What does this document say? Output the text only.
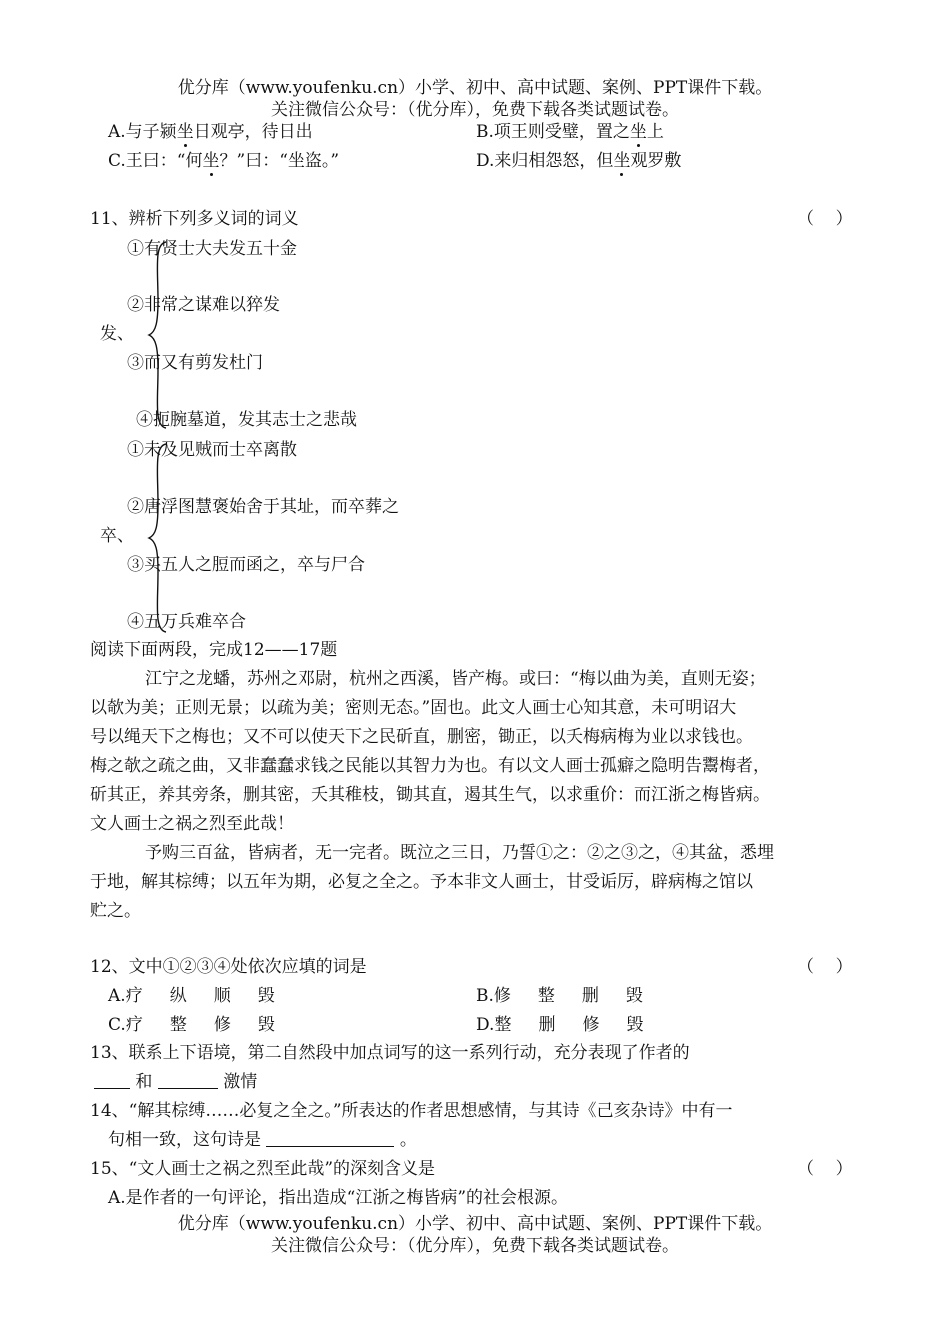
优分库（www.youfenku.cn）小学、初中、高中试题、案例、PPT课件下载。
关注微信公众号：（优分库），免费下载各类试题试卷。
A.与子颍坐日观亭，待日出	B.项王则受璧，置之坐上
C.王曰：“何坐？”曰：“坐盗。”	D.来归相怨怒，但坐观罗敷
11、辨析下列多义词的词义	（    ）
①有贤士大夫发五十金
②非常之谋难以猝发
发、
③而又有剪发杜门
④扼腕墓道，发其志士之悲哉
①未及见贼而士卒离散
②唐浮图慧褒始舍于其址，而卒葬之
卒、
③买五人之脰而函之，卒与尸合
④五万兵难卒合
阅读下面两段，完成12——17题
江宁之龙蟠，苏州之邓尉，杭州之西溪，皆产梅。或曰：“梅以曲为美，直则无姿；
以欹为美；正则无景；以疏为美；密则无态。”固也。此文人画士心知其意，未可明诏大
号以绳天下之梅也；又不可以使天下之民斫直，删密，锄正，以夭梅病梅为业以求钱也。
梅之欹之疏之曲，又非蠢蠢求钱之民能以其智力为也。有以文人画士孤癖之隐明告鬻梅者，
斫其正，养其旁条，删其密，夭其稚枝，锄其直，遏其生气，以求重价：而江浙之梅皆病。
文人画士之祸之烈至此哉！
予购三百盆，皆病者，无一完者。既泣之三日，乃誓①之：②之③之，④其盆，悉埋
于地，解其棕缚；以五年为期，必复之全之。予本非文人画士，甘受诟厉，辟病梅之馆以
贮之。
12、文中①②③④处依次应填的词是	（    ）
A.疗 纵 顺 毁	B.修 整 删 毁
C.疗 整 修 毁	D.整 删 修 毁
13、联系上下语境，第二自然段中加点词写的这一系列行动，充分表现了作者的
和	激情
14、“解其棕缚……必复之全之。”所表达的作者思想感情，与其诗《己亥杂诗》中有一
句相一致，这句诗是	。
15、“文人画士之祸之烈至此哉”的深刻含义是	（    ）
A.是作者的一句评论，指出造成“江浙之梅皆病”的社会根源。
优分库（www.youfenku.cn）小学、初中、高中试题、案例、PPT课件下载。
关注微信公众号：（优分库），免费下载各类试题试卷。
